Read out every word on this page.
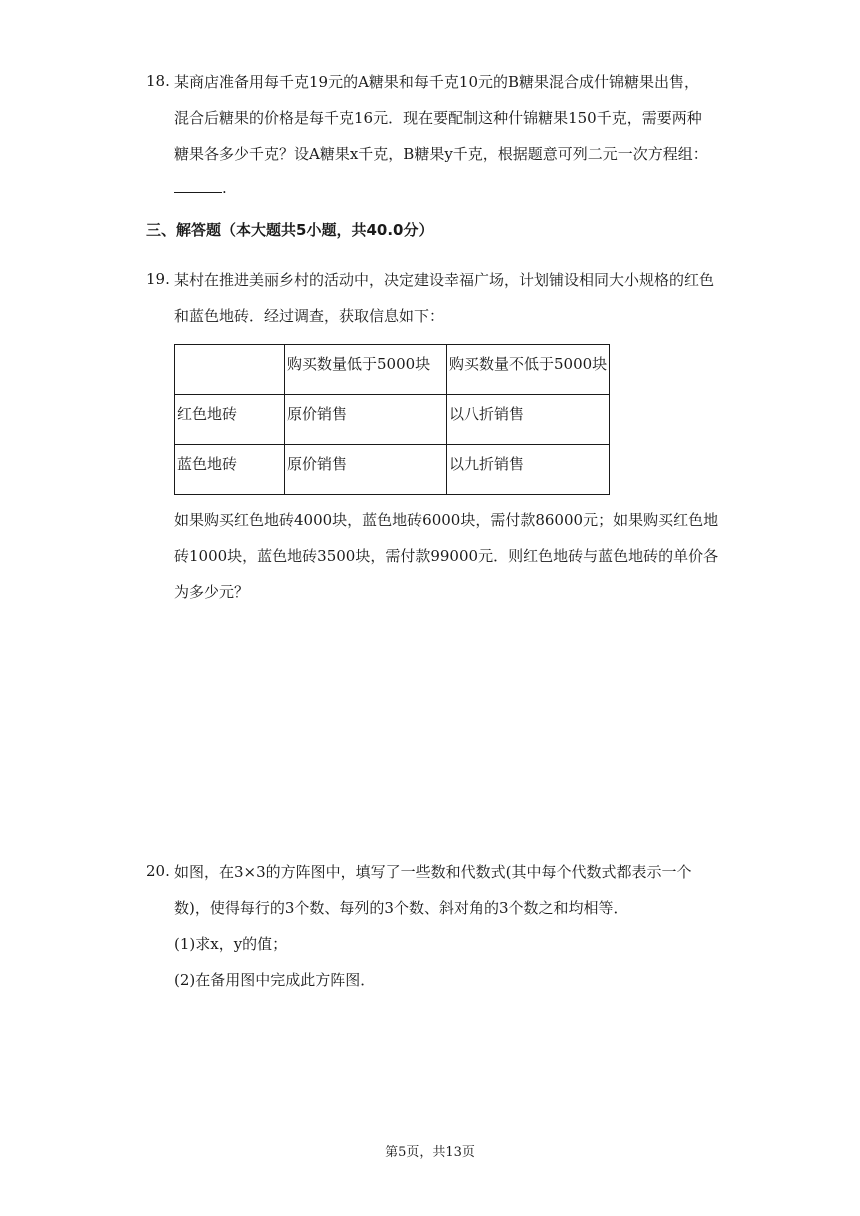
18. 某商店准备用每千克19元的A糖果和每千克10元的B糖果混合成什锦糖果出售，
混合后糖果的价格是每千克16元．现在要配制这种什锦糖果150千克，需要两种
糖果各多少千克？设A糖果x千克，B糖果y千克，根据题意可列二元一次方程组：
.
三、解答题（本大题共5小题，共40.0分）
19. 某村在推进美丽乡村的活动中，决定建设幸福广场，计划铺设相同大小规格的红色
和蓝色地砖．经过调查，获取信息如下：
	购买数量低于5000块	购买数量不低于5000块
红色地砖	原价销售	以八折销售
蓝色地砖	原价销售	以九折销售
如果购买红色地砖4000块，蓝色地砖6000块，需付款86000元；如果购买红色地
砖1000块，蓝色地砖3500块，需付款99000元．则红色地砖与蓝色地砖的单价各
为多少元？
20. 如图，在3×3的方阵图中，填写了一些数和代数式(其中每个代数式都表示一个
数)，使得每行的3个数、每列的3个数、斜对角的3个数之和均相等．
(1)求x，y的值；
(2)在备用图中完成此方阵图．
第5页，共13页
